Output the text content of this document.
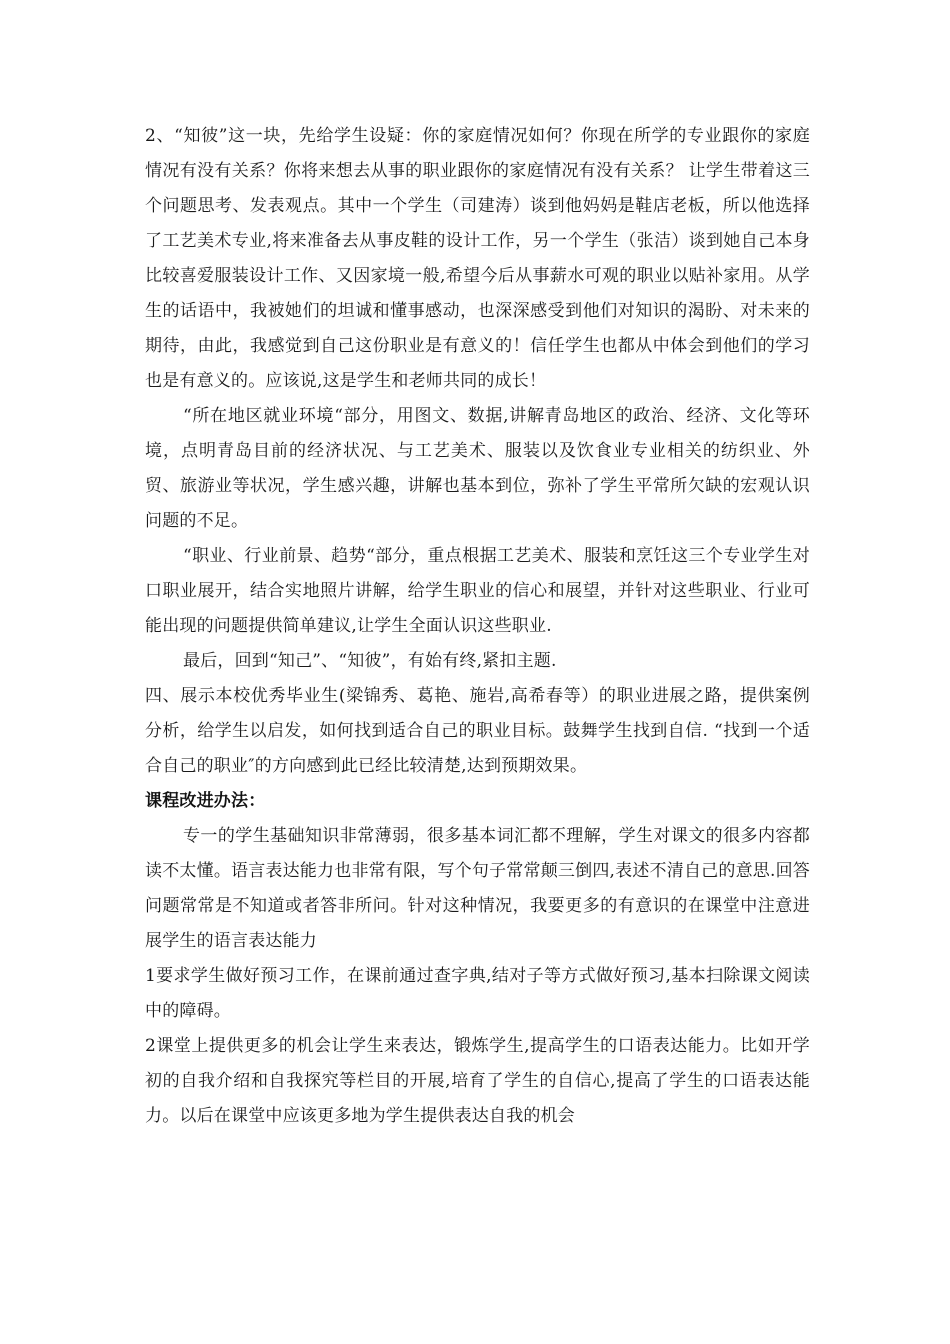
2、“知彼”这一块，先给学生设疑：你的家庭情况如何？你现在所学的专业跟你的家庭情况有没有关系？你将来想去从事的职业跟你的家庭情况有没有关系？ 让学生带着这三个问题思考、发表观点。其中一个学生（司建涛）谈到他妈妈是鞋店老板，所以他选择了工艺美术专业,将来准备去从事皮鞋的设计工作，另一个学生（张洁）谈到她自己本身比较喜爱服装设计工作、又因家境一般,希望今后从事薪水可观的职业以贴补家用。从学生的话语中，我被她们的坦诚和懂事感动，也深深感受到他们对知识的渴盼、对未来的期待，由此，我感觉到自己这份职业是有意义的！信任学生也都从中体会到他们的学习也是有意义的。应该说,这是学生和老师共同的成长！

“所在地区就业环境“部分，用图文、数据,讲解青岛地区的政治、经济、文化等环境，点明青岛目前的经济状况、与工艺美术、服装以及饮食业专业相关的纺织业、外贸、旅游业等状况，学生感兴趣，讲解也基本到位，弥补了学生平常所欠缺的宏观认识问题的不足。

“职业、行业前景、趋势“部分，重点根据工艺美术、服装和烹饪这三个专业学生对口职业展开，结合实地照片讲解，给学生职业的信心和展望，并针对这些职业、行业可能出现的问题提供简单建议,让学生全面认识这些职业.

最后，回到“知己”、“知彼”，有始有终,紧扣主题.

四、展示本校优秀毕业生(梁锦秀、葛艳、施岩,高希春等）的职业进展之路，提供案例分析，给学生以启发，如何找到适合自己的职业目标。鼓舞学生找到自信. “找到一个适合自己的职业″的方向感到此已经比较清楚,达到预期效果。

课程改进办法：

专一的学生基础知识非常薄弱，很多基本词汇都不理解，学生对课文的很多内容都读不太懂。语言表达能力也非常有限，写个句子常常颠三倒四,表述不清自己的意思.回答问题常常是不知道或者答非所问。针对这种情况，我要更多的有意识的在课堂中注意进展学生的语言表达能力

1要求学生做好预习工作，在课前通过查字典,结对子等方式做好预习,基本扫除课文阅读中的障碍。

2课堂上提供更多的机会让学生来表达，锻炼学生,提高学生的口语表达能力。比如开学初的自我介绍和自我探究等栏目的开展,培育了学生的自信心,提高了学生的口语表达能力。以后在课堂中应该更多地为学生提供表达自我的机会
